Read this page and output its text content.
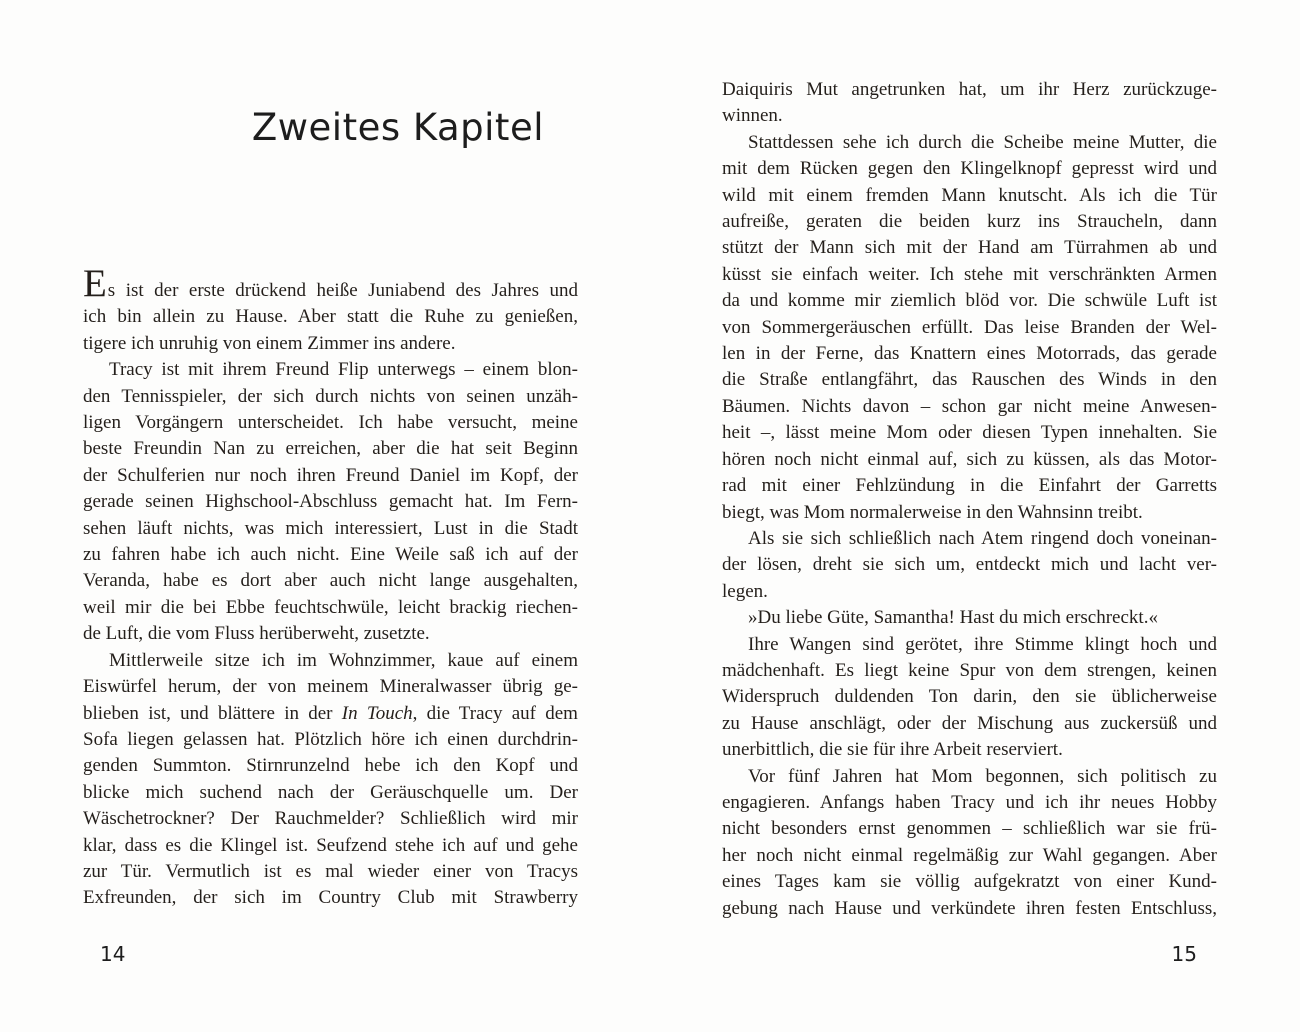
Zweites Kapitel
Es ist der erste drückend heiße Juniabend des Jahres und
ich bin allein zu Hause. Aber statt die Ruhe zu genießen,
tigere ich unruhig von einem Zimmer ins andere.
Tracy ist mit ihrem Freund Flip unterwegs – einem blon-
den Tennisspieler, der sich durch nichts von seinen unzäh-
ligen Vorgängern unterscheidet. Ich habe versucht, meine
beste Freundin Nan zu erreichen, aber die hat seit Beginn
der Schulferien nur noch ihren Freund Daniel im Kopf, der
gerade seinen Highschool-Abschluss gemacht hat. Im Fern-
sehen läuft nichts, was mich interessiert, Lust in die Stadt
zu fahren habe ich auch nicht. Eine Weile saß ich auf der
Veranda, habe es dort aber auch nicht lange ausgehalten,
weil mir die bei Ebbe feuchtschwüle, leicht brackig riechen-
de Luft, die vom Fluss herüberweht, zusetzte.
Mittlerweile sitze ich im Wohnzimmer, kaue auf einem
Eiswürfel herum, der von meinem Mineralwasser übrig ge-
blieben ist, und blättere in der In Touch, die Tracy auf dem
Sofa liegen gelassen hat. Plötzlich höre ich einen durchdrin-
genden Summton. Stirnrunzelnd hebe ich den Kopf und
blicke mich suchend nach der Geräuschquelle um. Der
Wäschetrockner? Der Rauchmelder? Schließlich wird mir
klar, dass es die Klingel ist. Seufzend stehe ich auf und gehe
zur Tür. Vermutlich ist es mal wieder einer von Tracys
Exfreunden, der sich im Country Club mit Strawberry
14
Daiquiris Mut angetrunken hat, um ihr Herz zurückzuge-
winnen.
Stattdessen sehe ich durch die Scheibe meine Mutter, die
mit dem Rücken gegen den Klingelknopf gepresst wird und
wild mit einem fremden Mann knutscht. Als ich die Tür
aufreiße, geraten die beiden kurz ins Straucheln, dann
stützt der Mann sich mit der Hand am Türrahmen ab und
küsst sie einfach weiter. Ich stehe mit verschränkten Armen
da und komme mir ziemlich blöd vor. Die schwüle Luft ist
von Sommergeräuschen erfüllt. Das leise Branden der Wel-
len in der Ferne, das Knattern eines Motorrads, das gerade
die Straße entlangfährt, das Rauschen des Winds in den
Bäumen. Nichts davon – schon gar nicht meine Anwesen-
heit –, lässt meine Mom oder diesen Typen innehalten. Sie
hören noch nicht einmal auf, sich zu küssen, als das Motor-
rad mit einer Fehlzündung in die Einfahrt der Garretts
biegt, was Mom normalerweise in den Wahnsinn treibt.
Als sie sich schließlich nach Atem ringend doch voneinan-
der lösen, dreht sie sich um, entdeckt mich und lacht ver-
legen.
»Du liebe Güte, Samantha! Hast du mich erschreckt.«
Ihre Wangen sind gerötet, ihre Stimme klingt hoch und
mädchenhaft. Es liegt keine Spur von dem strengen, keinen
Widerspruch duldenden Ton darin, den sie üblicherweise
zu Hause anschlägt, oder der Mischung aus zuckersüß und
unerbittlich, die sie für ihre Arbeit reserviert.
Vor fünf Jahren hat Mom begonnen, sich politisch zu
engagieren. Anfangs haben Tracy und ich ihr neues Hobby
nicht besonders ernst genommen – schließlich war sie frü-
her noch nicht einmal regelmäßig zur Wahl gegangen. Aber
eines Tages kam sie völlig aufgekratzt von einer Kund-
gebung nach Hause und verkündete ihren festen Entschluss,
15
